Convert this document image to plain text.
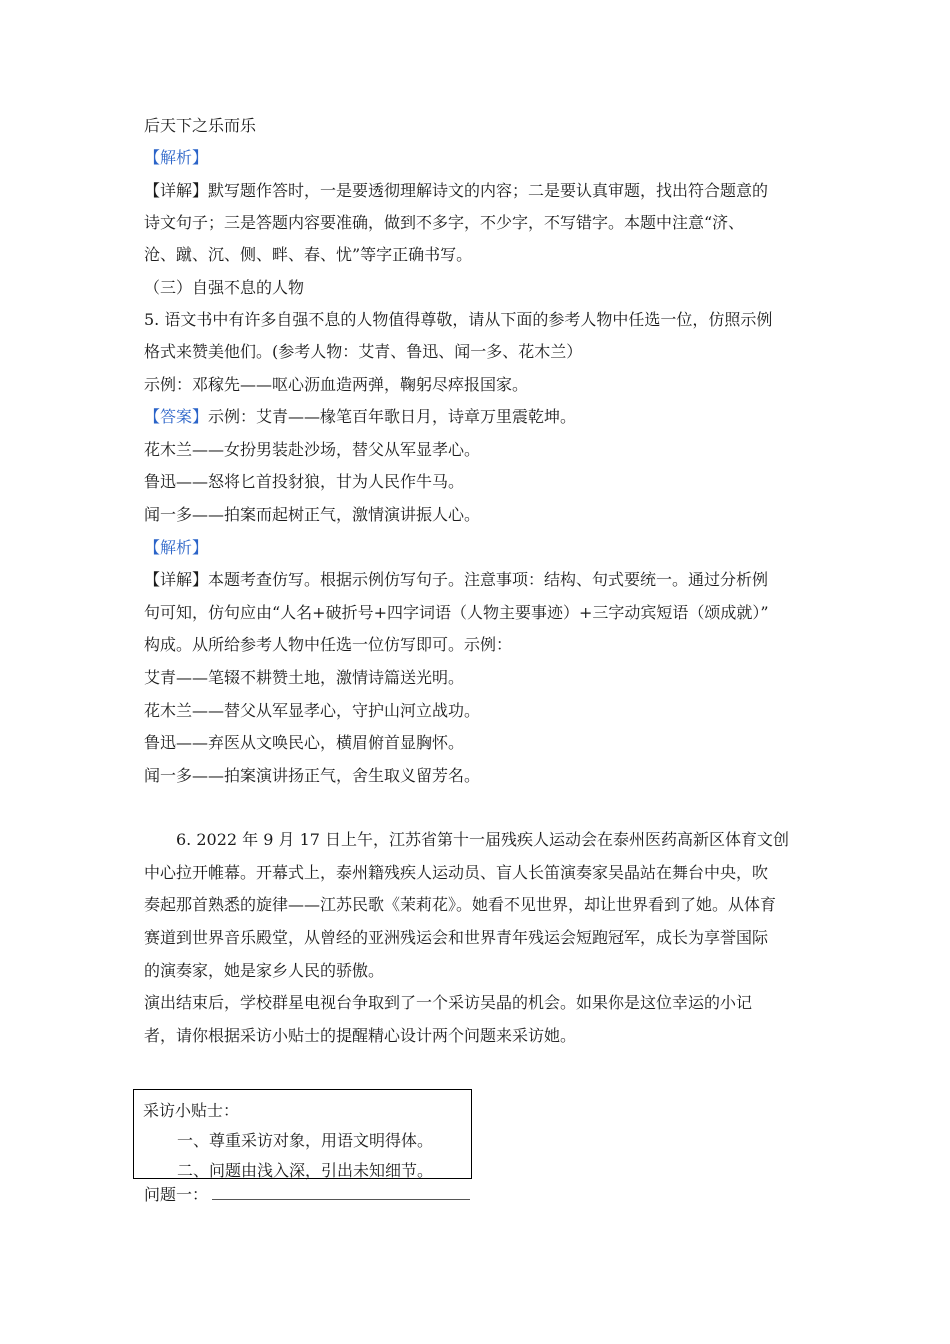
后天下之乐而乐
【解析】
【详解】默写题作答时，一是要透彻理解诗文的内容；二是要认真审题，找出符合题意的
诗文句子；三是答题内容要准确，做到不多字，不少字，不写错字。本题中注意“济、
沧、蹴、沉、侧、畔、春、忧”等字正确书写。
（三）自强不息的人物
5. 语文书中有许多自强不息的人物值得尊敬，请从下面的参考人物中任选一位，仿照示例
格式来赞美他们。(参考人物：艾青、鲁迅、闻一多、花木兰）
示例：邓稼先——呕心沥血造两弹，鞠躬尽瘁报国家。
【答案】示例：艾青——椽笔百年歌日月，诗章万里震乾坤。
花木兰——女扮男装赴沙场，替父从军显孝心。
鲁迅——怒将匕首投豺狼，甘为人民作牛马。
闻一多——拍案而起树正气，激情演讲振人心。
【解析】
【详解】本题考查仿写。根据示例仿写句子。注意事项：结构、句式要统一。通过分析例
句可知，仿句应由“人名+破折号+四字词语（人物主要事迹）+三字动宾短语（颂成就）”
构成。从所给参考人物中任选一位仿写即可。示例：
艾青——笔辍不耕赞土地，激情诗篇送光明。
花木兰——替父从军显孝心，守护山河立战功。
鲁迅——弃医从文唤民心，横眉俯首显胸怀。
闻一多——拍案演讲扬正气，舍生取义留芳名。
6. 2022 年 9 月 17 日上午，江苏省第十一届残疾人运动会在泰州医药高新区体育文创
中心拉开帷幕。开幕式上，泰州籍残疾人运动员、盲人长笛演奏家吴晶站在舞台中央，吹
奏起那首熟悉的旋律——江苏民歌《茉莉花》。她看不见世界，却让世界看到了她。从体育
赛道到世界音乐殿堂，从曾经的亚洲残运会和世界青年残运会短跑冠军，成长为享誉国际
的演奏家，她是家乡人民的骄傲。
演出结束后，学校群星电视台争取到了一个采访吴晶的机会。如果你是这位幸运的小记
者，请你根据采访小贴士的提醒精心设计两个问题来采访她。
采访小贴士：
一、尊重采访对象，用语文明得体。
二、问题由浅入深，引出未知细节。
问题一：
